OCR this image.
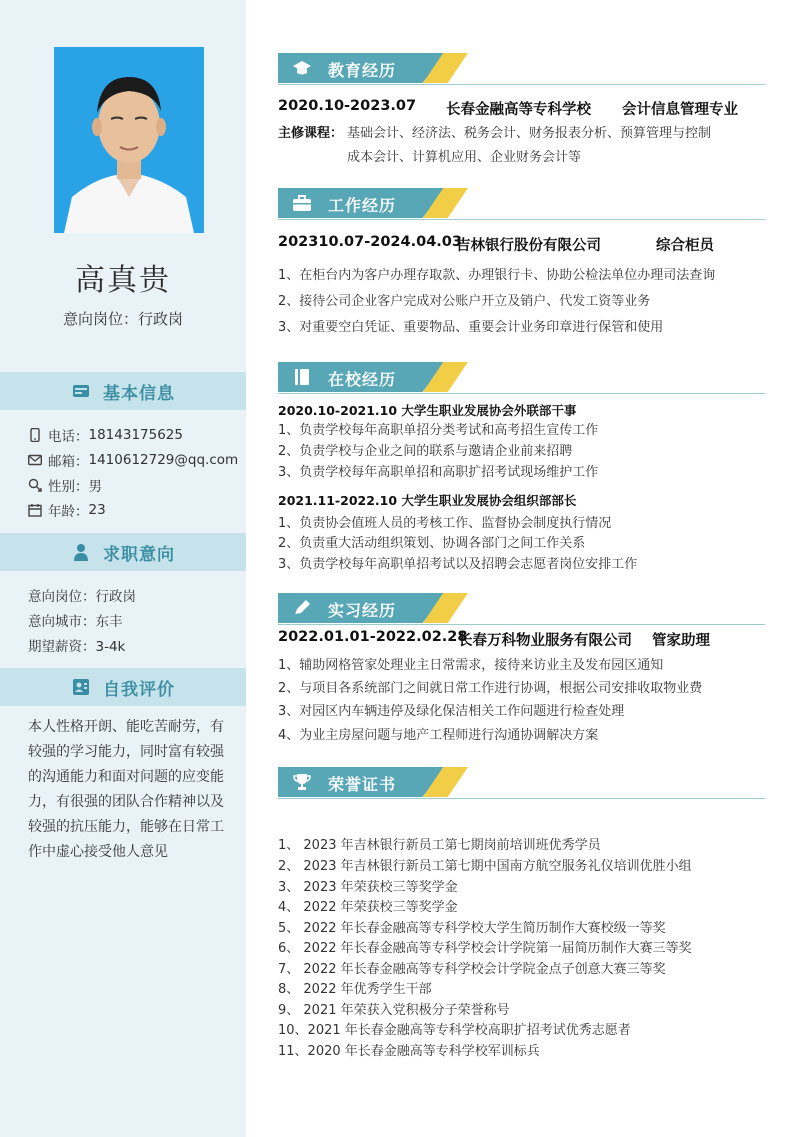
高真贵
意向岗位：行政岗
基本信息
电话： 18143175625
邮箱： 1410612729@qq.com
性别： 男
年龄： 23
求职意向
意向岗位：行政岗
意向城市：东丰
期望薪资：3-4k
自我评价
本人性格开朗、能吃苦耐劳，有较强的学习能力，同时富有较强的沟通能力和面对问题的应变能力，有很强的团队合作精神以及较强的抗压能力，能够在日常工作中虚心接受他人意见
教育经历
2020.10-2023.07 长春金融高等专科学校 会计信息管理专业
主修课程： 基础会计、经济法、税务会计、财务报表分析、预算管理与控制
成本会计、计算机应用、企业财务会计等
工作经历
202310.07-2024.04.03
吉林银行股份有限公司	综合柜员
1、在柜台内为客户办理存取款、办理银行卡、协助公检法单位办理司法查询
2、接待公司企业客户完成对公账户开立及销户、代发工资等业务
3、对重要空白凭证、重要物品、重要会计业务印章进行保管和使用
在校经历
2020.10-2021.10 大学生职业发展协会外联部干事
1、负责学校每年高职单招分类考试和高考招生宣传工作
2、负责学校与企业之间的联系与邀请企业前来招聘
3、负责学校每年高职单招和高职扩招考试现场维护工作
2021.11-2022.10 大学生职业发展协会组织部部长
1、负责协会值班人员的考核工作、监督协会制度执行情况
2、负责重大活动组织策划、协调各部门之间工作关系
3、负责学校每年高职单招考试以及招聘会志愿者岗位安排工作
实习经历
2022.01.01-2022.02.28
长春万科物业服务有限公司 管家助理
1、辅助网格管家处理业主日常需求，接待来访业主及发布园区通知
2、与项目各系统部门之间就日常工作进行协调，根据公司安排收取物业费
3、对园区内车辆违停及绿化保洁相关工作问题进行检查处理
4、为业主房屋问题与地产工程师进行沟通协调解决方案
荣誉证书
1、 2023 年吉林银行新员工第七期岗前培训班优秀学员
2、 2023 年吉林银行新员工第七期中国南方航空服务礼仪培训优胜小组
3、 2023 年荣获校三等奖学金
4、 2022 年荣获校三等奖学金
5、 2022 年长春金融高等专科学校大学生简历制作大赛校级一等奖
6、 2022 年长春金融高等专科学校会计学院第一届简历制作大赛三等奖
7、 2022 年长春金融高等专科学校会计学院金点子创意大赛三等奖
8、 2022 年优秀学生干部
9、 2021 年荣获入党积极分子荣誉称号
10、2021 年长春金融高等专科学校高职扩招考试优秀志愿者
11、2020 年长春金融高等专科学校军训标兵
